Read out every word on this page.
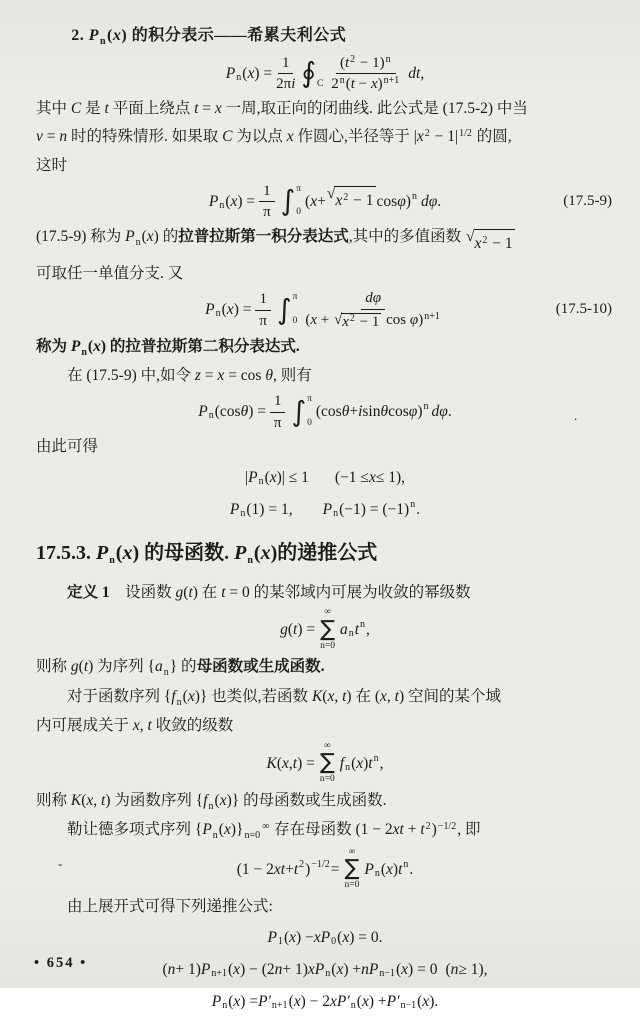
2. $P_n(x)$ 的积分表示——希累夫利公式
P n ( x ) = $\frac{1}{2\pi i}$ ∮ C $\frac{(t^2 - 1)^n}{2^n(t - x)^{n+1}}$ dt ,
其中 C 是 t 平面上绕点 t = x 一周,取正向的闭曲线. 此公式是 (17.5-2) 中当
ν = n 时的特殊情形. 如果取 C 为以点 x 作圆心,半径等于 $|x^2 - 1|^{1/2}$ 的圆,
这时
P n ( x ) = $\frac{1}{\pi}$ ∫ π
0
( x + √ $x^2 - 1$ cos φ ) n dφ .	(17.5-9)
(17.5-9) 称为 $P_n(x)$ 的拉普拉斯第一积分表达式,其中的多值函数 √ $x^2 - 1$
可取任一单值分支. 又
P n ( x ) = $\frac{1}{\pi}$ ∫ π
$0 \frac{d\varphi}{(x + √ x^2 - 1 \cos \varphi)^{n+1}}$	(17.5-10)
称为 $P_n(x)$ 的拉普拉斯第二积分表达式.
在 (17.5-9) 中,如令 z = x = cos θ, 则有
P n (cos θ ) = $\frac{1}{\pi}$ ∫ π
0
(cos θ + i sin θ cos φ ) n dφ .
由此可得
| P n ( x )| ≤ 1 (−1 ≤ x ≤ 1),
P n (1) = 1, P n (−1) = (−1) n .
17.5.3. $P_n(x)$ 的母函数. $P_n(x)$的递推公式
定义 1　设函数 g(t) 在 t = 0 的某邻域内可展为收敛的幂级数
g ( t ) =
∞
∑
n=0
a n t n ,
则称 g(t) 为序列 $\{a_n\}$ 的母函数或生成函数.
对于函数序列 $\{f_n(x)\}$ 也类似,若函数 K(x, t) 在 (x, t) 空间的某个域
内可展成关于 x, t 收敛的级数
K ( x , t ) =
∞
∑
n=0
f n ( x ) t n ,
则称 K(x, t) 为函数序列 $\{f_n(x)\}$ 的母函数或生成函数.
勒让德多项式序列 $\{P_n(x)\}_{n=0}^\infty$ 存在母函数 $(1 - 2xt + t^2)^{-1/2}$, 即
(1 − 2 xt + t 2 ) −1/2 =
∞
∑
n=0
P n ( x ) t n .
由上展开式可得下列递推公式:
P 1 ( x ) − xP 0 ( x ) = 0.
( n + 1) P n+1 ( x ) − (2 n + 1) xP n ( x ) + nP n−1 ( x ) = 0 ( n ≥ 1),
P n ( x ) = P′ n+1 ( x ) − 2 xP′ n ( x ) + P′ n−1 ( x ).
• 654 •
-
.
